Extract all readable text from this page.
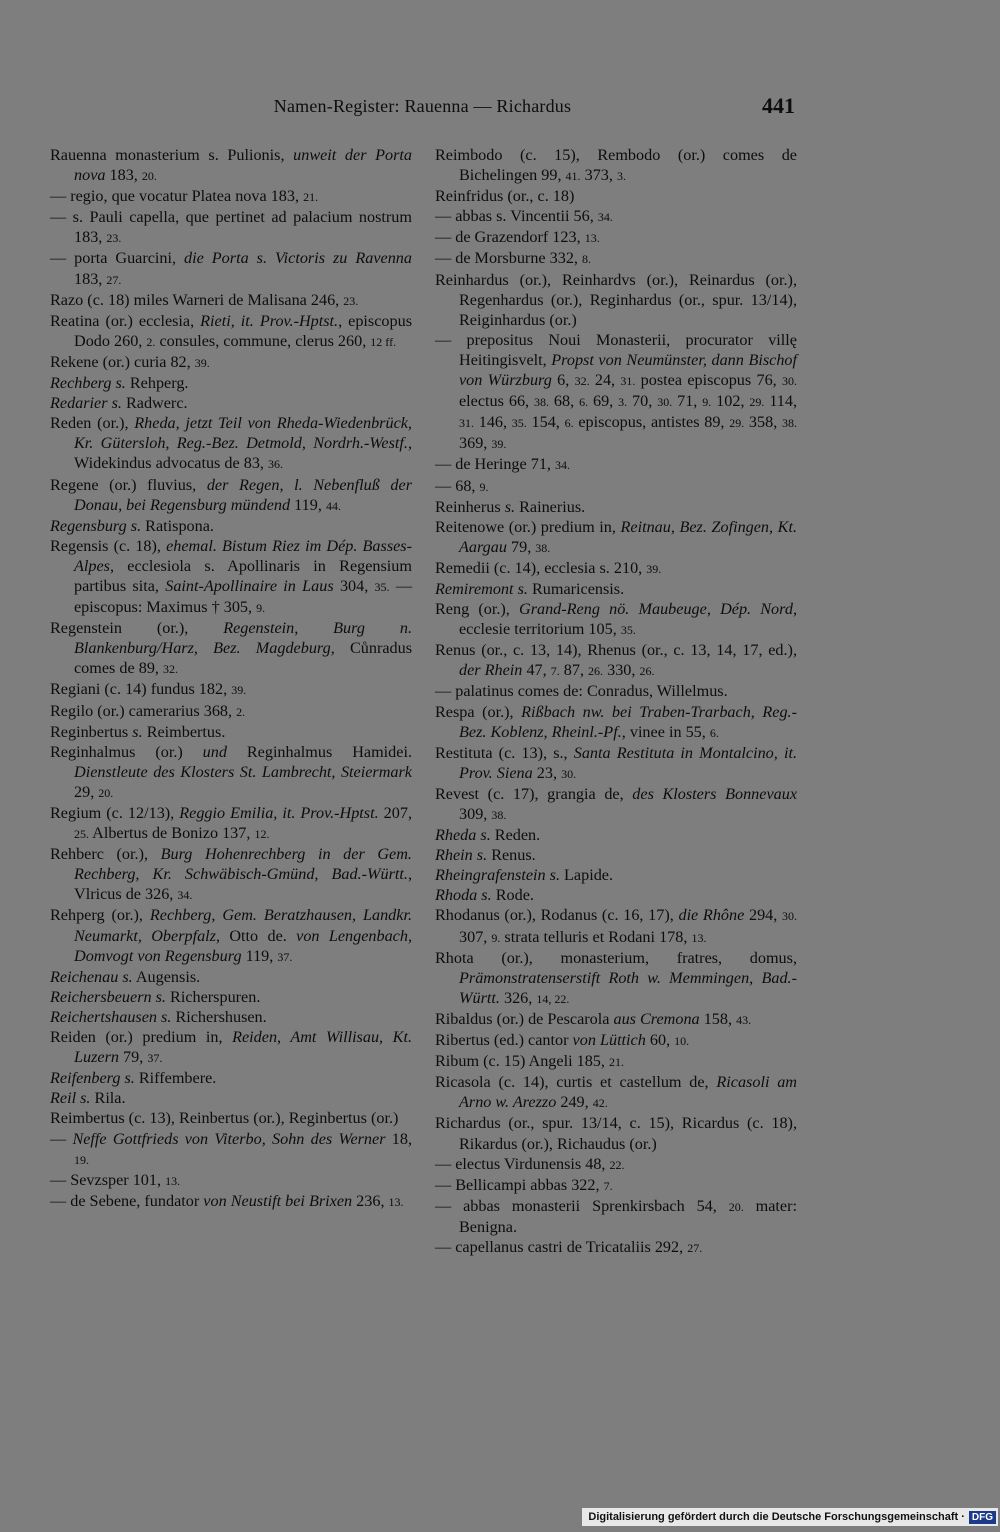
Namen-Register: Rauenna — Richardus	441
Rauenna monasterium s. Pulionis, unweit der Porta nova 183, 20.
— regio, que vocatur Platea nova 183, 21.
— s. Pauli capella, que pertinet ad palacium nostrum 183, 23.
— porta Guarcini, die Porta s. Victoris zu Ravenna 183, 27.
Razo (c. 18) miles Warneri de Malisana 246, 23.
Reatina (or.) ecclesia, Rieti, it. Prov.-Hptst., episcopus Dodo 260, 2. consules, commune, clerus 260, 12 ff.
Rekene (or.) curia 82, 39.
Rechberg s. Rehperg.
Redarier s. Radwerc.
Reden (or.), Rheda, jetzt Teil von Rheda-Wiedenbrück, Kr. Gütersloh, Reg.-Bez. Detmold, Nordrh.-Westf., Widekindus advocatus de 83, 36.
Regene (or.) fluvius, der Regen, l. Nebenfluß der Donau, bei Regensburg mündend 119, 44.
Regensburg s. Ratispona.
Regensis (c. 18), ehemal. Bistum Riez im Dép. Basses-Alpes, ecclesiola s. Apollinaris in Regensium partibus sita, Saint-Apollinaire in Laus 304, 35. — episcopus: Maximus † 305, 9.
Regenstein (or.), Regenstein, Burg n. Blankenburg/Harz, Bez. Magdeburg, Cůnradus comes de 89, 32.
Regiani (c. 14) fundus 182, 39.
Regilo (or.) camerarius 368, 2.
Reginbertus s. Reimbertus.
Reginhalmus (or.) und Reginhalmus Hamidei. Dienstleute des Klosters St. Lambrecht, Steiermark 29, 20.
Regium (c. 12/13), Reggio Emilia, it. Prov.-Hptst. 207, 25. Albertus de Bonizo 137, 12.
Rehberc (or.), Burg Hohenrechberg in der Gem. Rechberg, Kr. Schwäbisch-Gmünd, Bad.-Württ., Vlricus de 326, 34.
Rehperg (or.), Rechberg, Gem. Beratzhausen, Landkr. Neumarkt, Oberpfalz, Otto de. von Lengenbach, Domvogt von Regensburg 119, 37.
Reichenau s. Augensis.
Reichersbeuern s. Richerspuren.
Reichertshausen s. Richershusen.
Reiden (or.) predium in, Reiden, Amt Willisau, Kt. Luzern 79, 37.
Reifenberg s. Riffembere.
Reil s. Rila.
Reimbertus (c. 13), Reinbertus (or.), Reginbertus (or.)
— Neffe Gottfrieds von Viterbo, Sohn des Werner 18, 19.
— Sevzsper 101, 13.
— de Sebene, fundator von Neustift bei Brixen 236, 13.
Reimbodo (c. 15), Rembodo (or.) comes de Bichelingen 99, 41. 373, 3.
Reinfridus (or., c. 18)
— abbas s. Vincentii 56, 34.
— de Grazendorf 123, 13.
— de Morsburne 332, 8.
Reinhardus (or.), Reinhardvs (or.), Reinardus (or.), Regenhardus (or.), Reginhardus (or., spur. 13/14), Reiginhardus (or.)
— prepositus Noui Monasterii, procurator villę Heitingisvelt, Propst von Neumünster, dann Bischof von Würzburg 6, 32. 24, 31. postea episcopus 76, 30. electus 66, 38. 68, 6. 69, 3. 70, 30. 71, 9. 102, 29. 114, 31. 146, 35. 154, 6. episcopus, antistes 89, 29. 358, 38. 369, 39.
— de Heringe 71, 34.
— 68, 9.
Reinherus s. Rainerius.
Reitenowe (or.) predium in, Reitnau, Bez. Zofingen, Kt. Aargau 79, 38.
Remedii (c. 14), ecclesia s. 210, 39.
Remiremont s. Rumaricensis.
Reng (or.), Grand-Reng nö. Maubeuge, Dép. Nord, ecclesie territorium 105, 35.
Renus (or., c. 13, 14), Rhenus (or., c. 13, 14, 17, ed.), der Rhein 47, 7. 87, 26. 330, 26.
— palatinus comes de: Conradus, Willelmus.
Respa (or.), Rißbach nw. bei Traben-Trarbach, Reg.-Bez. Koblenz, Rheinl.-Pf., vinee in 55, 6.
Restituta (c. 13), s., Santa Restituta in Montalcino, it. Prov. Siena 23, 30.
Revest (c. 17), grangia de, des Klosters Bonnevaux 309, 38.
Rheda s. Reden.
Rhein s. Renus.
Rheingrafenstein s. Lapide.
Rhoda s. Rode.
Rhodanus (or.), Rodanus (c. 16, 17), die Rhône 294, 30. 307, 9. strata telluris et Rodani 178, 13.
Rhota (or.), monasterium, fratres, domus, Prämonstratenserstift Roth w. Memmingen, Bad.-Württ. 326, 14, 22.
Ribaldus (or.) de Pescarola aus Cremona 158, 43.
Ribertus (ed.) cantor von Lüttich 60, 10.
Ribum (c. 15) Angeli 185, 21.
Ricasola (c. 14), curtis et castellum de, Ricasoli am Arno w. Arezzo 249, 42.
Richardus (or., spur. 13/14, c. 15), Ricardus (c. 18), Rikardus (or.), Richaudus (or.)
— electus Virdunensis 48, 22.
— Bellicampi abbas 322, 7.
— abbas monasterii Sprenkirsbach 54, 20. mater: Benigna.
— capellanus castri de Tricataliis 292, 27.
Digitalisierung gefördert durch die Deutsche Forschungsgemeinschaft · DFG
